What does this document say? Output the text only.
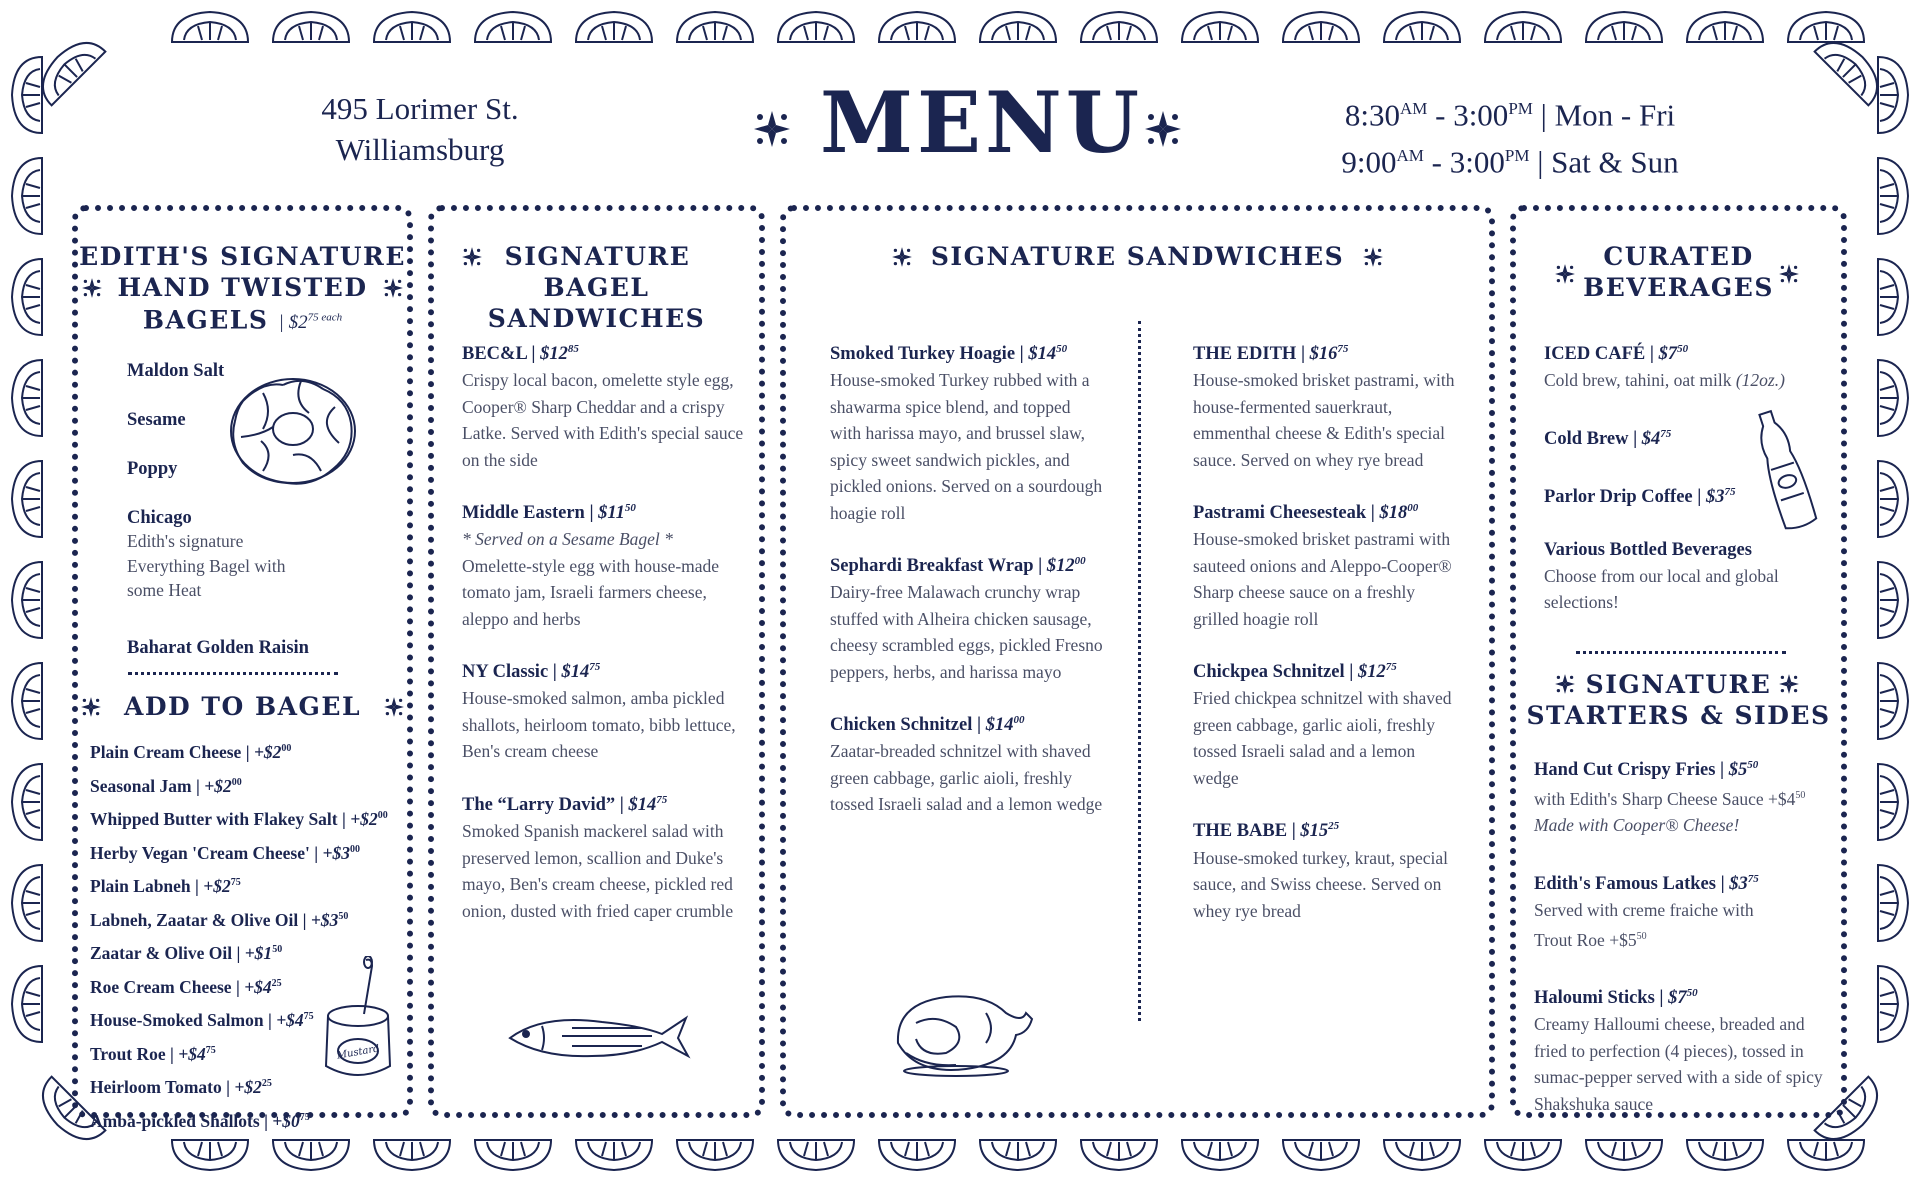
495 Lorimer St.
Williamsburg	MENU	$8:30^{AM}$ - $3:00^{PM}$ | Mon - Fri
$9:00^{AM}$ - $3:00^{PM}$ | Sat & Sun
EDITH'S SIGNATURE
HAND TWISTED
BAGELS | $\$2^{75 each}$
Maldon Salt
Sesame
Poppy
Chicago
Edith's signature Everything Bagel with some Heat
Baharat Golden Raisin
ADD TO BAGEL
Plain Cream Cheese | $+\$2^{00}$
Seasonal Jam | $+\$2^{00}$
Whipped Butter with Flakey Salt | $+\$2^{00}$
Herby Vegan 'Cream Cheese' | $+\$3^{00}$
Plain Labneh | $+\$2^{75}$
Labneh, Zaatar & Olive Oil | $+\$3^{50}$
Zaatar & Olive Oil | $+\$1^{50}$
Roe Cream Cheese | $+\$4^{25}$
House-Smoked Salmon | $+\$4^{75}$
Trout Roe | $+\$4^{75}$
Heirloom Tomato | $+\$2^{25}$
Amba-pickled Shallots | $+\$0^{75}$
Mustard
SIGNATURE
BAGEL SANDWICHES
BEC&L | $\$12^{85}$
Crispy local bacon, omelette style egg, Cooper® Sharp Cheddar and a crispy Latke. Served with Edith's special sauce on the side
Middle Eastern | $\$11^{50}$
* Served on a Sesame Bagel *
Omelette-style egg with house-made tomato jam, Israeli farmers cheese, aleppo and herbs
NY Classic | $\$14^{75}$
House-smoked salmon, amba pickled shallots, heirloom tomato, bibb lettuce, Ben's cream cheese
The “Larry David” | $\$14^{75}$
Smoked Spanish mackerel salad with preserved lemon, scallion and Duke's mayo, Ben's cream cheese, pickled red onion, dusted with fried caper crumble
SIGNATURE SANDWICHES
Smoked Turkey Hoagie | $\$14^{50}$
House-smoked Turkey rubbed with a shawarma spice blend, and topped with harissa mayo, and brussel slaw, spicy sweet sandwich pickles, and pickled onions. Served on a sourdough hoagie roll
Sephardi Breakfast Wrap | $\$12^{00}$
Dairy-free Malawach crunchy wrap stuffed with Alheira chicken sausage, cheesy scrambled eggs, pickled Fresno peppers, herbs, and harissa mayo
Chicken Schnitzel | $\$14^{00}$
Zaatar-breaded schnitzel with shaved green cabbage, garlic aioli, freshly tossed Israeli salad and a lemon wedge
THE EDITH | $\$16^{75}$
House-smoked brisket pastrami, with house-fermented sauerkraut, emmenthal cheese & Edith's special sauce. Served on whey rye bread
Pastrami Cheesesteak | $\$18^{00}$
House-smoked brisket pastrami with sauteed onions and Aleppo-Cooper® Sharp cheese sauce on a freshly grilled hoagie roll
Chickpea Schnitzel | $\$12^{75}$
Fried chickpea schnitzel with shaved green cabbage, garlic aioli, freshly tossed Israeli salad and a lemon wedge
THE BABE | $\$15^{25}$
House-smoked turkey, kraut, special sauce, and Swiss cheese. Served on whey rye bread
CURATED
BEVERAGES
ICED CAFÉ | $\$7^{50}$
Cold brew, tahini, oat milk (12oz.)
Cold Brew | $\$4^{75}$
Parlor Drip Coffee | $\$3^{75}$
Various Bottled Beverages
Choose from our local and global selections!
SIGNATURE
STARTERS & SIDES
Hand Cut Crispy Fries | $\$5^{50}$
with Edith's Sharp Cheese Sauce $+\$4^{50}$
Made with Cooper® Cheese!
Edith's Famous Latkes | $\$3^{75}$
Served with creme fraiche with Trout Roe $+\$5^{50}$
Haloumi Sticks | $\$7^{50}$
Creamy Halloumi cheese, breaded and fried to perfection (4 pieces), tossed in sumac-pepper served with a side of spicy Shakshuka sauce
